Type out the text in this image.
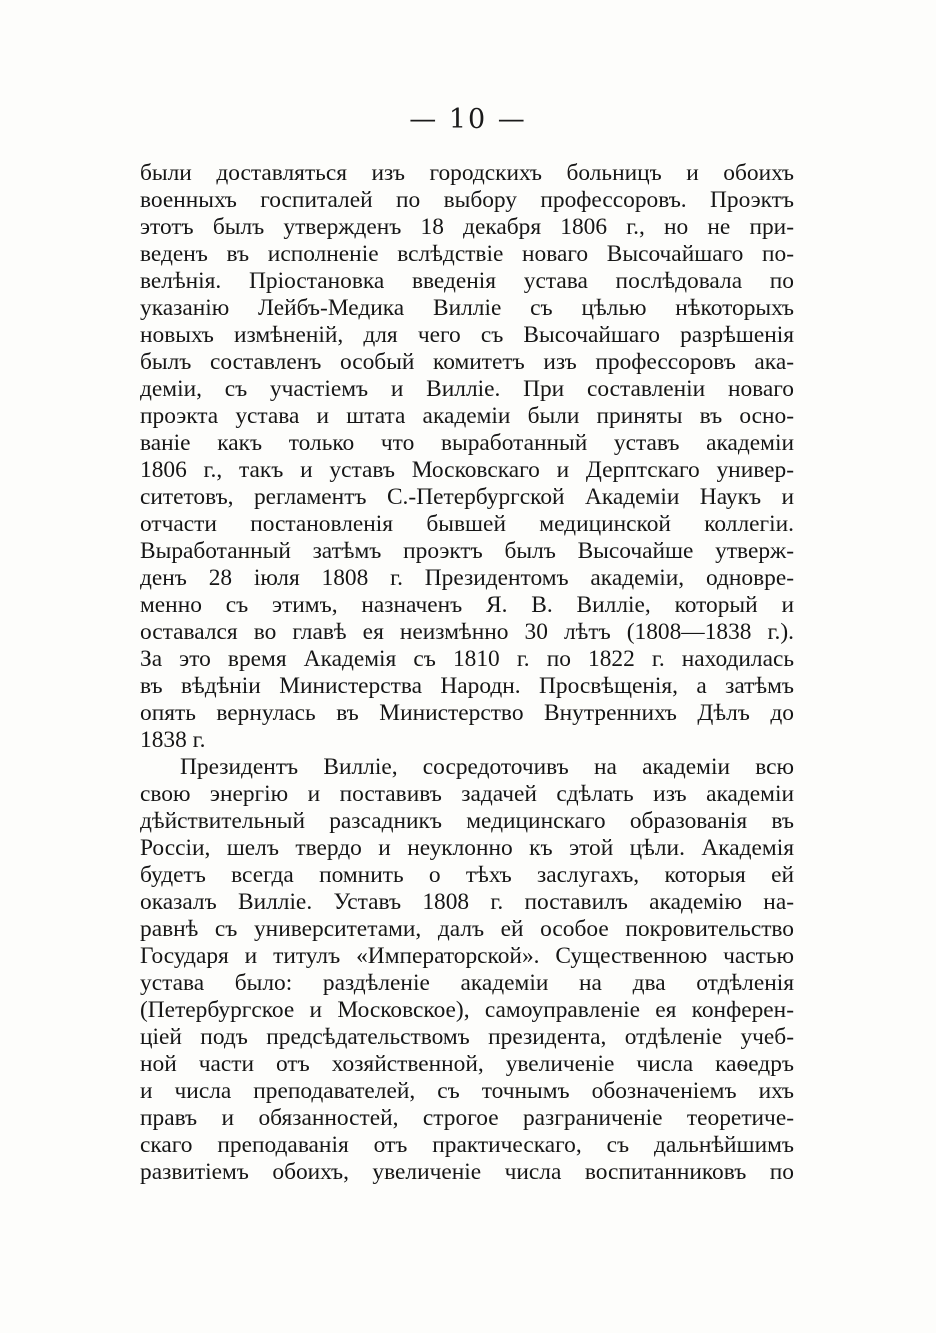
— 10 —
были доставляться изъ городскихъ больницъ и обоихъ
военныхъ госпиталей по выбору профессоровъ. Проэктъ
этотъ былъ утвержденъ 18 декабря 1806 г., но не при-
веденъ въ исполненіе вслѣдствіе новаго Высочайшаго по-
велѣнія. Пріостановка введенія устава послѣдовала по
указанію Лейбъ-Медика Виллie съ цѣлью нѣкоторыхъ
новыхъ измѣненій, для чего съ Высочайшаго разрѣшенія
былъ составленъ особый комитетъ изъ профессоровъ ака-
деміи, съ участіемъ и Виллie. При составленіи новаго
проэкта устава и штата академіи были приняты въ осно-
ваніе какъ только что выработанный уставъ академіи
1806 г., такъ и уставъ Московскаго и Дерптскаго универ-
ситетовъ, регламентъ С.-Петербургской Академіи Наукъ и
отчасти постановленія бывшей медицинской коллегіи.
Выработанный затѣмъ проэктъ былъ Высочайше утверж-
денъ 28 іюля 1808 г. Президентомъ академіи, одновре-
менно съ этимъ, назначенъ Я. В. Виллie, который и
оставался во главѣ ея неизмѣнно 30 лѣтъ (1808—1838 г.).
За это время Академія съ 1810 г. по 1822 г. находилась
въ вѣдѣніи Министерства Народн. Просвѣщенія, а затѣмъ
опять вернулась въ Министерство Внутреннихъ Дѣлъ до
1838 г.
Президентъ Виллie, сосредоточивъ на академіи всю
свою энергію и поставивъ задачей сдѣлать изъ академіи
дѣйствительный разсадникъ медицинскаго образованія въ
Россіи, шелъ твердо и неуклонно къ этой цѣли. Академія
будетъ всегда помнить о тѣхъ заслугахъ, которыя ей
оказалъ Виллie. Уставъ 1808 г. поставилъ академію на-
равнѣ съ университетами, далъ ей особое покровительство
Государя и титулъ «Императорской». Существенною частью
устава было: раздѣленіе академіи на два отдѣленія
(Петербургское и Московское), самоуправленіе ея конферен-
ціей подъ предсѣдательствомъ президента, отдѣленіе учеб-
ной части отъ хозяйственной, увеличеніе числа каѳедръ
и числа преподавателей, съ точнымъ обозначеніемъ ихъ
правъ и обязанностей, строгое разграниченіе теоретиче-
скаго преподаванія отъ практическаго, съ дальнѣйшимъ
развитіемъ обоихъ, увеличеніе числа воспитанниковъ по
